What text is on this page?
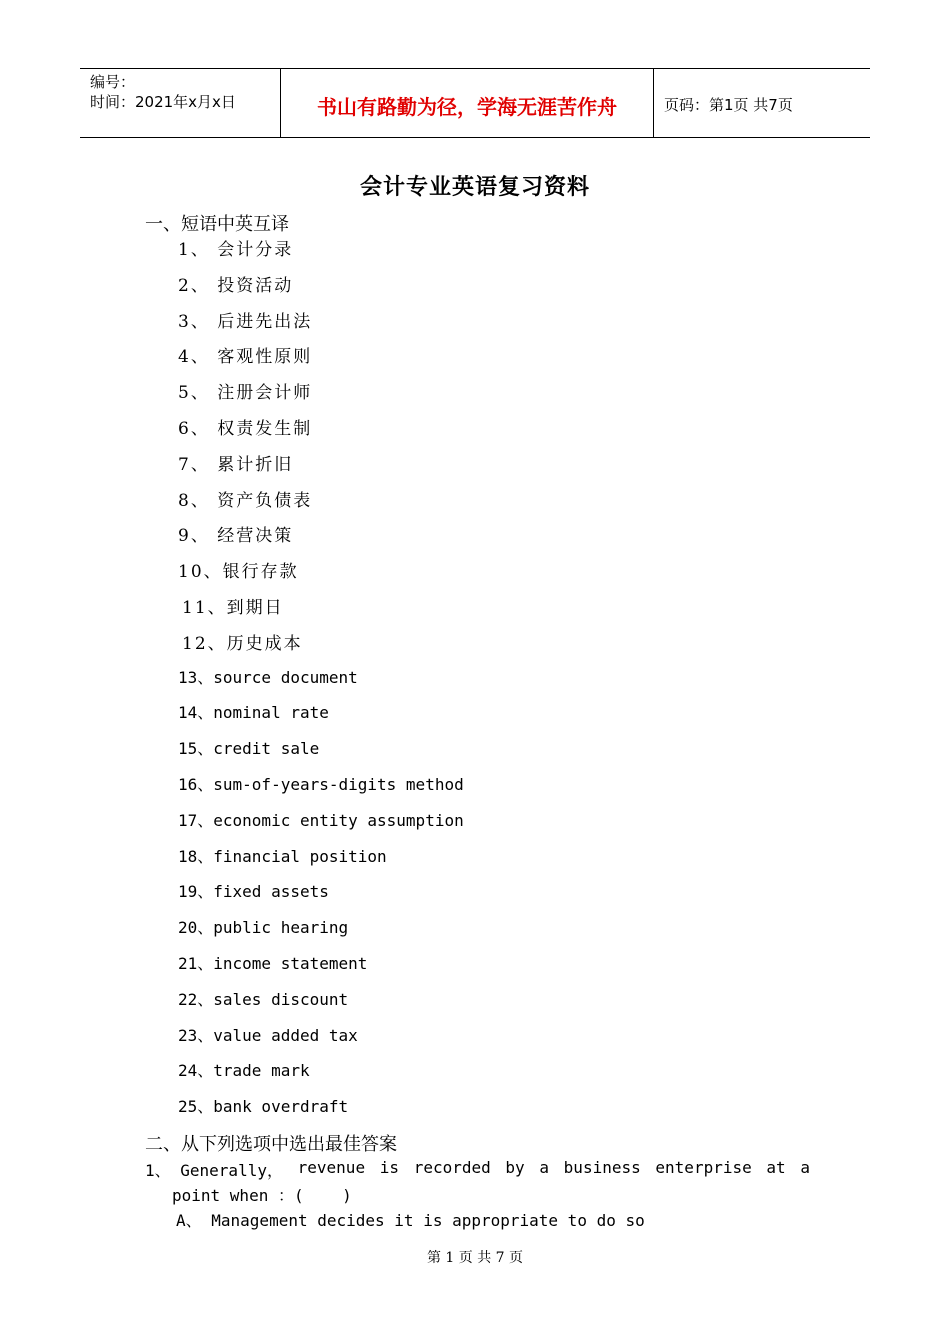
编号：
时间：2021年x月x日	书山有路勤为径，学海无涯苦作舟	页码：第1页 共7页
会计专业英语复习资料
一、短语中英互译
1、 会计分录
2、 投资活动
3、 后进先出法
4、 客观性原则
5、 注册会计师
6、 权责发生制
7、 累计折旧
8、 资产负债表
9、 经营决策
10、银行存款
11、到期日
12、历史成本
13、source document
14、nominal rate
15、credit sale
16、sum-of-years-digits method
17、economic entity assumption
18、financial position
19、fixed assets
20、public hearing
21、income statement
22、sales discount
23、value added tax
24、trade mark
25、bank overdraft
二、从下列选项中选出最佳答案
1、 Generally， revenue is recorded by a business enterprise at a
point when ：(    )
A、 Management decides it is appropriate to do so
第 1 页 共 7 页
